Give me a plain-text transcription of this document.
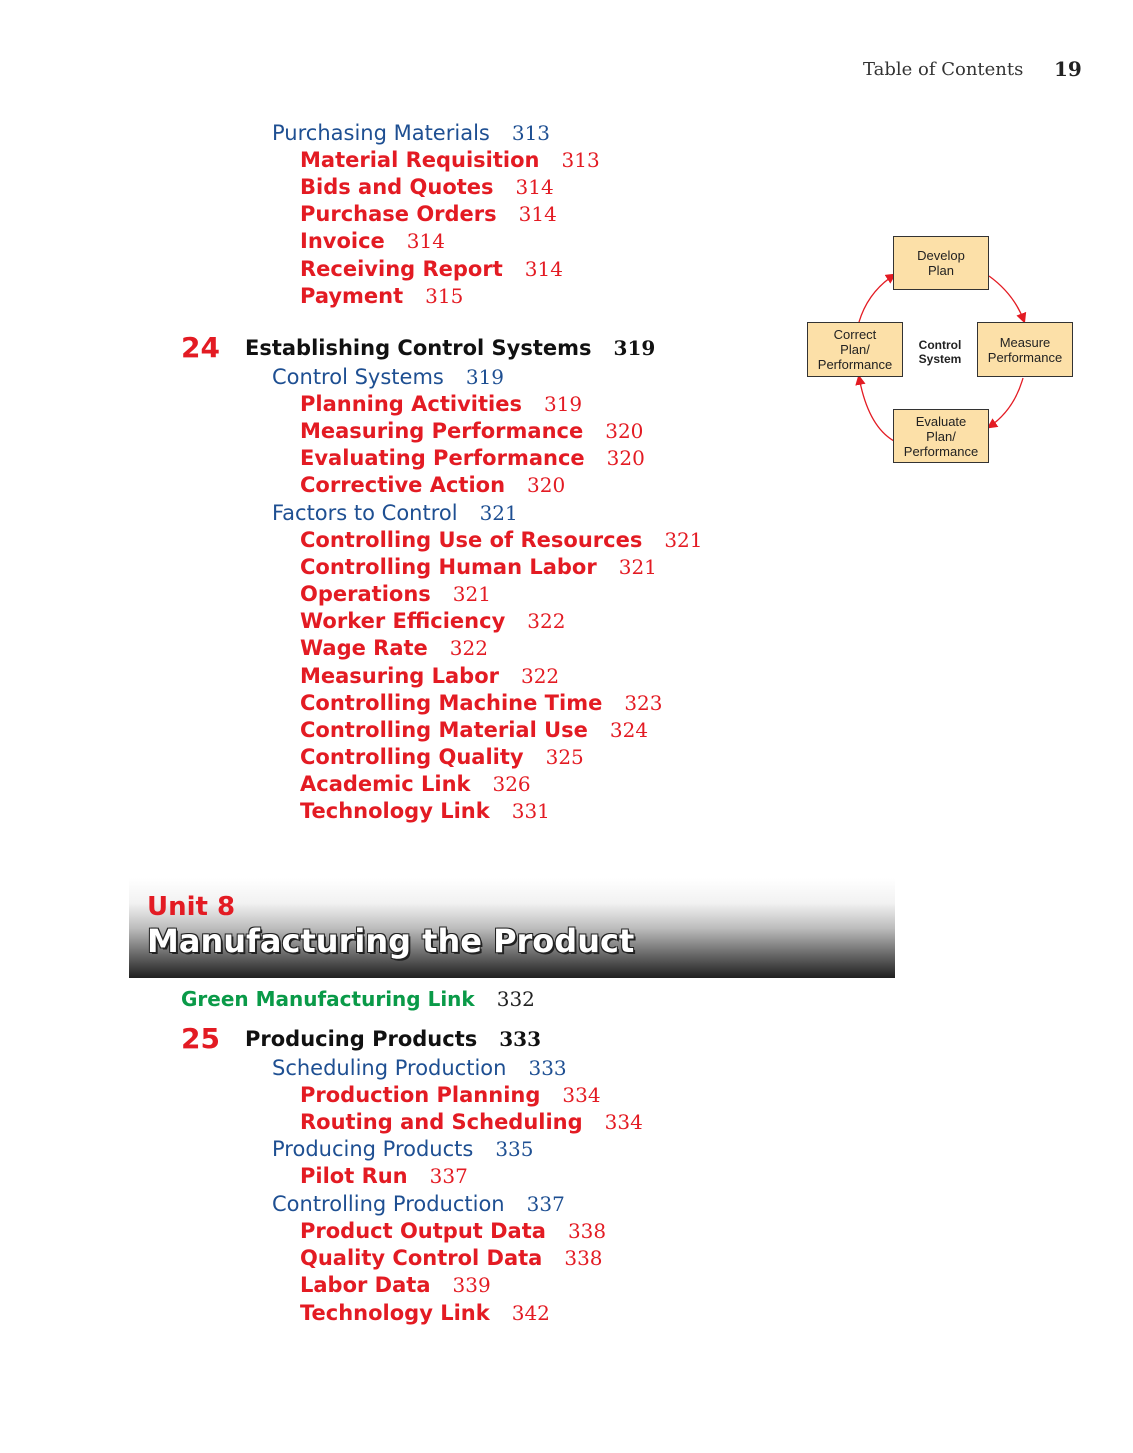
Table of Contents 19
Purchasing Materials 313
Material Requisition 313
Bids and Quotes 314
Purchase Orders 314
Invoice 314
Receiving Report 314
Payment 315
24 Establishing Control Systems 319
Control Systems 319
Planning Activities 319
Measuring Performance 320
Evaluating Performance 320
Corrective Action 320
Factors to Control 321
Controlling Use of Resources 321
Controlling Human Labor 321
Operations 321
Worker Efficiency 322
Wage Rate 322
Measuring Labor 322
Controlling Machine Time 323
Controlling Material Use 324
Controlling Quality 325
Academic Link 326
Technology Link 331
Develop
Plan
Measure
Performance
Evaluate
Plan/
Performance
Correct
Plan/
Performance
Control
System
Unit 8
Manufacturing the Product
Green Manufacturing Link 332
25 Producing Products 333
Scheduling Production 333
Production Planning 334
Routing and Scheduling 334
Producing Products 335
Pilot Run 337
Controlling Production 337
Product Output Data 338
Quality Control Data 338
Labor Data 339
Technology Link 342
